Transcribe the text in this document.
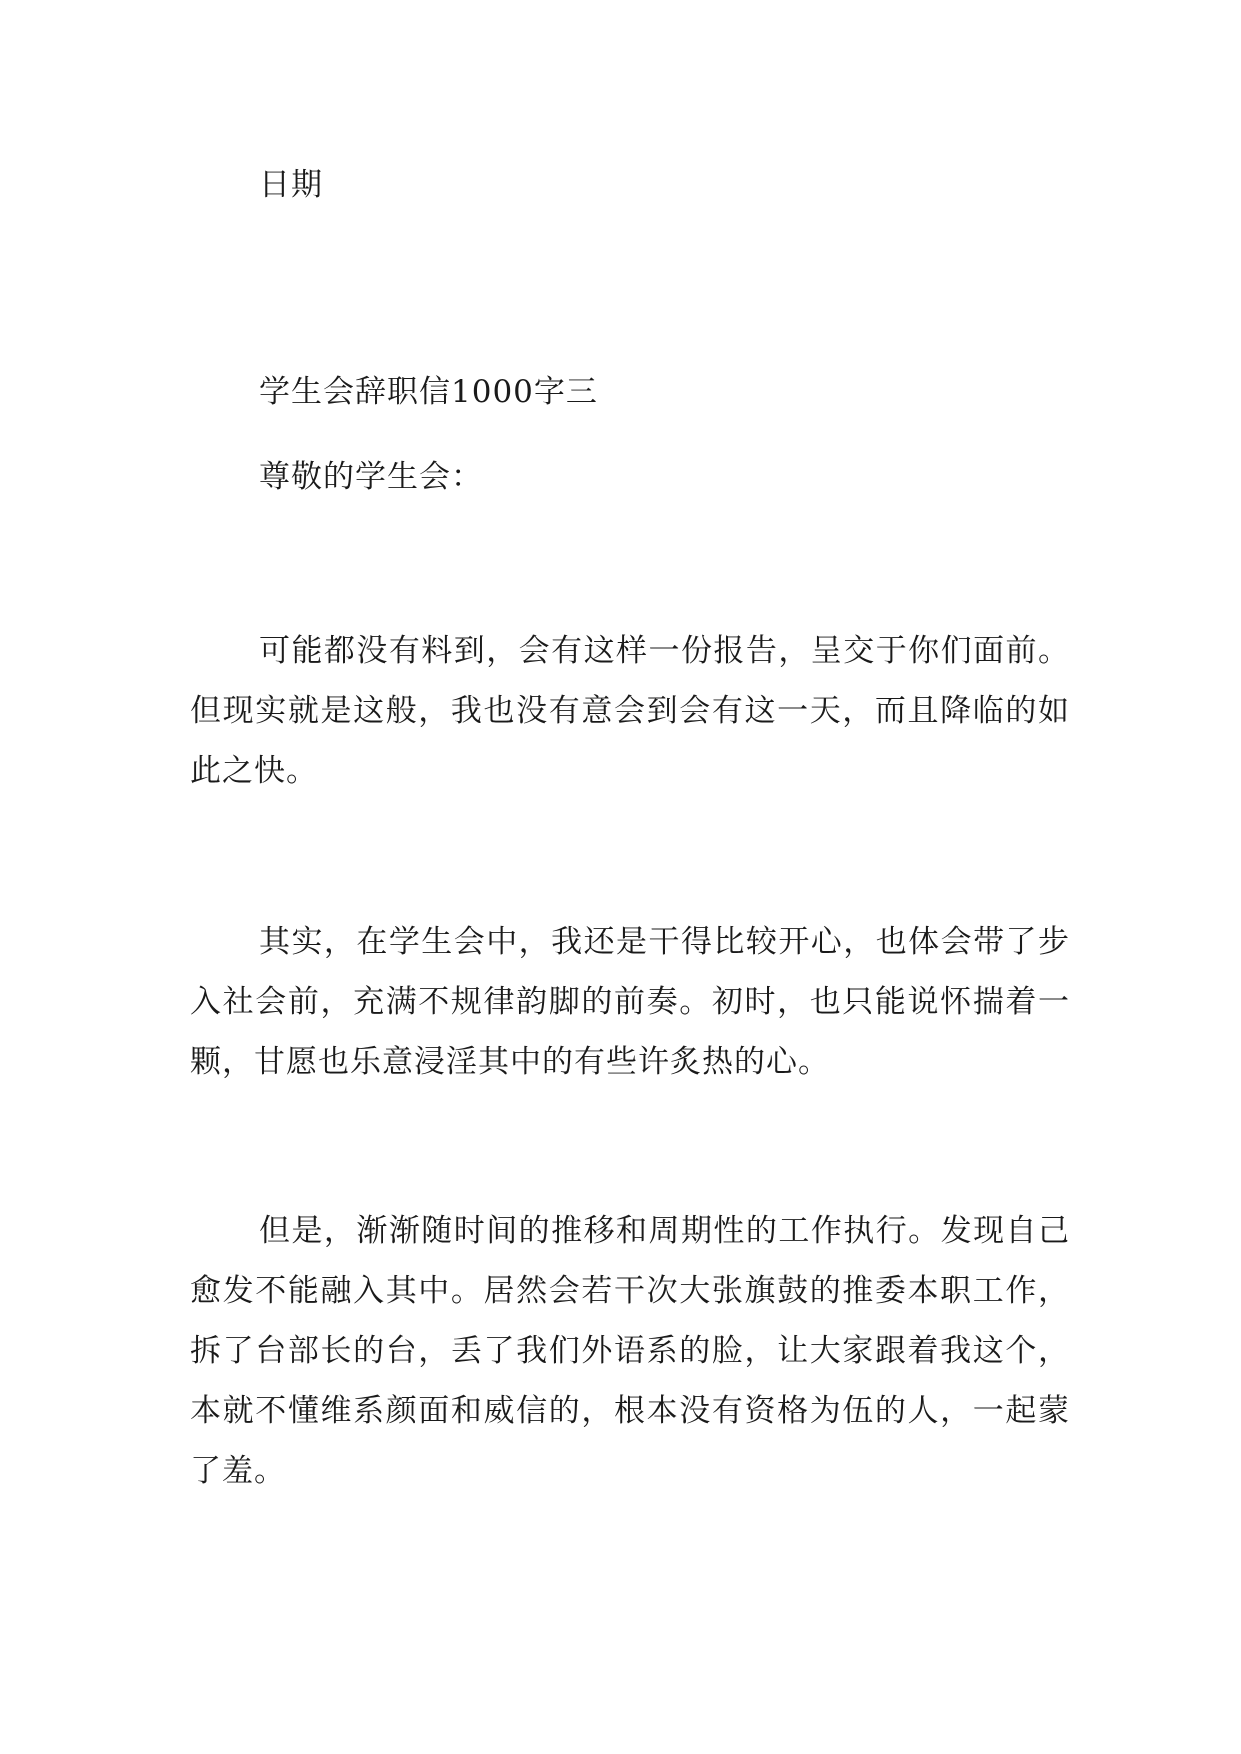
日期

学生会辞职信1000字三

尊敬的学生会：

可能都没有料到，会有这样一份报告，呈交于你们面前。但现实就是这般，我也没有意会到会有这一天，而且降临的如此之快。

其实，在学生会中，我还是干得比较开心，也体会带了步入社会前，充满不规律韵脚的前奏。初时，也只能说怀揣着一颗，甘愿也乐意浸淫其中的有些许炙热的心。

但是，渐渐随时间的推移和周期性的工作执行。发现自己愈发不能融入其中。居然会若干次大张旗鼓的推委本职工作，拆了台部长的台，丢了我们外语系的脸，让大家跟着我这个，本就不懂维系颜面和威信的，根本没有资格为伍的人，一起蒙了羞。
